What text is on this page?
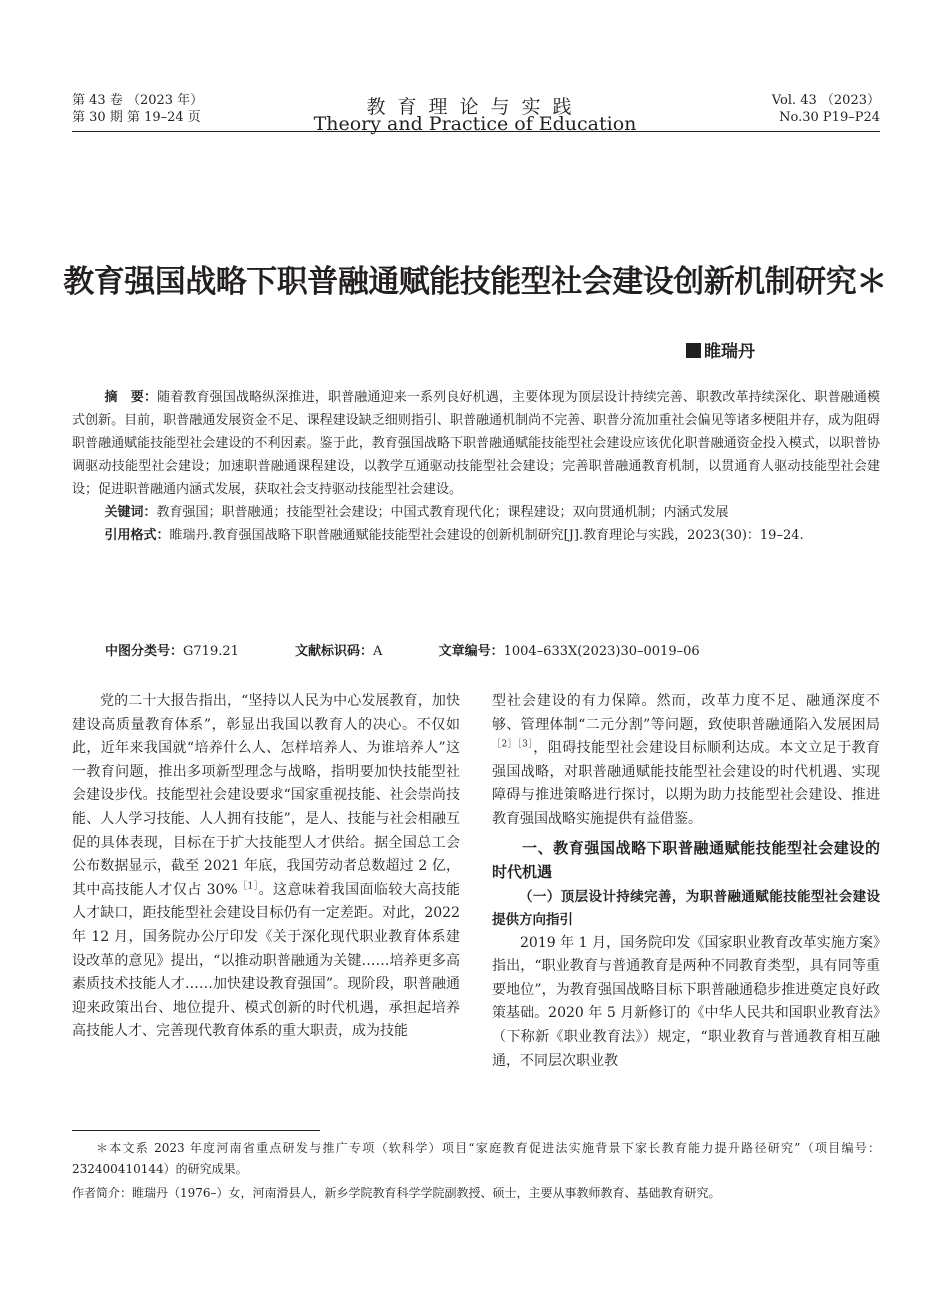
第 43 卷 （2023 年）
第 30 期 第 19–24 页	教育理论与实践
Theory and Practice of Education
Vol. 43 （2023）
No.30 P19–P24
教育强国战略下职普融通赋能技能型社会建设创新机制研究＊
睢瑞丹

摘　要：随着教育强国战略纵深推进，职普融通迎来一系列良好机遇，主要体现为顶层设计持续完善、职教改革持续深化、职普融通模式创新。目前，职普融通发展资金不足、课程建设缺乏细则指引、职普融通机制尚不完善、职普分流加重社会偏见等诸多梗阻并存，成为阻碍职普融通赋能技能型社会建设的不利因素。鉴于此，教育强国战略下职普融通赋能技能型社会建设应该优化职普融通资金投入模式，以职普协调驱动技能型社会建设；加速职普融通课程建设，以教学互通驱动技能型社会建设；完善职普融通教育机制，以贯通育人驱动技能型社会建设；促进职普融通内涵式发展，获取社会支持驱动技能型社会建设。

关键词：教育强国；职普融通；技能型社会建设；中国式教育现代化；课程建设；双向贯通机制；内涵式发展

引用格式：睢瑞丹.教育强国战略下职普融通赋能技能型社会建设的创新机制研究[J].教育理论与实践，2023(30)：19–24.

中图分类号：G719.21	文献标识码：A	文章编号：1004–633X(2023)30–0019–06

党的二十大报告指出，“坚持以人民为中心发展教育，加快建设高质量教育体系”，彰显出我国以教育人的决心。不仅如此，近年来我国就“培养什么人、怎样培养人、为谁培养人”这一教育问题，推出多项新型理念与战略，指明要加快技能型社会建设步伐。技能型社会建设要求“国家重视技能、社会崇尚技能、人人学习技能、人人拥有技能”，是人、技能与社会相融互促的具体表现，目标在于扩大技能型人才供给。据全国总工会公布数据显示，截至 2021 年底，我国劳动者总数超过 2 亿，其中高技能人才仅占 30%$^{[1]}$。这意味着我国面临较大高技能人才缺口，距技能型社会建设目标仍有一定差距。对此，2022 年 12 月，国务院办公厅印发《关于深化现代职业教育体系建设改革的意见》提出，“以推动职普融通为关键……培养更多高素质技术技能人才……加快建设教育强国”。现阶段，职普融通迎来政策出台、地位提升、模式创新的时代机遇，承担起培养高技能人才、完善现代教育体系的重大职责，成为技能

型社会建设的有力保障。然而，改革力度不足、融通深度不够、管理体制“二元分割”等问题，致使职普融通陷入发展困局$^{[2][3]}$，阻碍技能型社会建设目标顺利达成。本文立足于教育强国战略，对职普融通赋能技能型社会建设的时代机遇、实现障碍与推进策略进行探讨，以期为助力技能型社会建设、推进教育强国战略实施提供有益借鉴。

一、教育强国战略下职普融通赋能技能型社会建设的时代机遇
（一）顶层设计持续完善，为职普融通赋能技能型社会建设提供方向指引

2019 年 1 月，国务院印发《国家职业教育改革实施方案》指出，“职业教育与普通教育是两种不同教育类型，具有同等重要地位”，为教育强国战略目标下职普融通稳步推进奠定良好政策基础。2020 年 5 月新修订的《中华人民共和国职业教育法》（下称新《职业教育法》）规定，“职业教育与普通教育相互融通，不同层次职业教

＊本文系 2023 年度河南省重点研发与推广专项（软科学）项目“家庭教育促进法实施背景下家长教育能力提升路径研究”（项目编号：232400410144）的研究成果。

作者简介：睢瑞丹（1976–）女，河南滑县人，新乡学院教育科学学院副教授、硕士，主要从事教师教育、基础教育研究。
